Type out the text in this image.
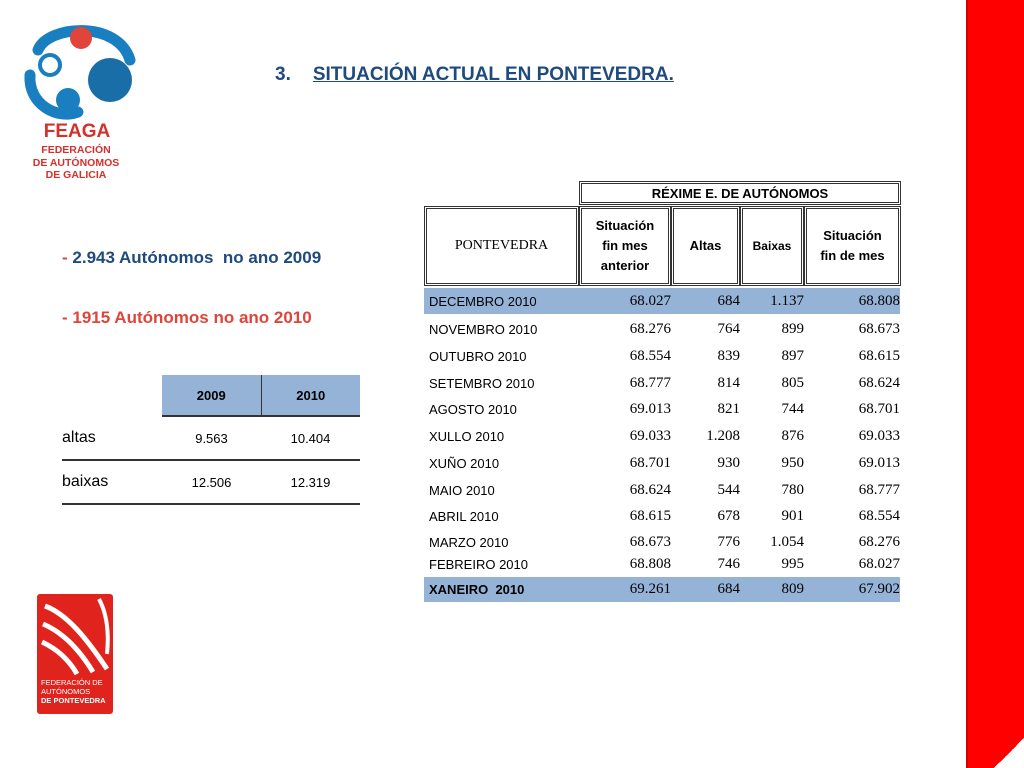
FEAGA
FEDERACIÓN
DE AUTÓNOMOS
DE GALICIA
3. SITUACIÓN ACTUAL EN PONTEVEDRA.
- 2.943 Autónomos  no ano 2009
- 1915 Autónomos no ano 2010
2009	2010
altas	9.563	10.404
baixas	12.506	12.319
RÉXIME E. DE AUTÓNOMOS
PONTEVEDRA
Situación fin mes anterior
Altas	Baixas
Situación fin de mes
DECEMBRO 2010	68.027	684	1.137	68.808
NOVEMBRO 2010	68.276	764	899	68.673
OUTUBRO 2010	68.554	839	897	68.615
SETEMBRO 2010	68.777	814	805	68.624
AGOSTO 2010	69.013	821	744	68.701
XULLO 2010	69.033	1.208	876	69.033
XUÑO 2010	68.701	930	950	69.013
MAIO 2010	68.624	544	780	68.777
ABRIL 2010	68.615	678	901	68.554
MARZO 2010	68.673	776	1.054	68.276
FEBREIRO 2010	68.808	746	995	68.027
XANEIRO  2010	69.261	684	809	67.902
FEDERACIÓN DE
AUTÓNOMOS
DE PONTEVEDRA
